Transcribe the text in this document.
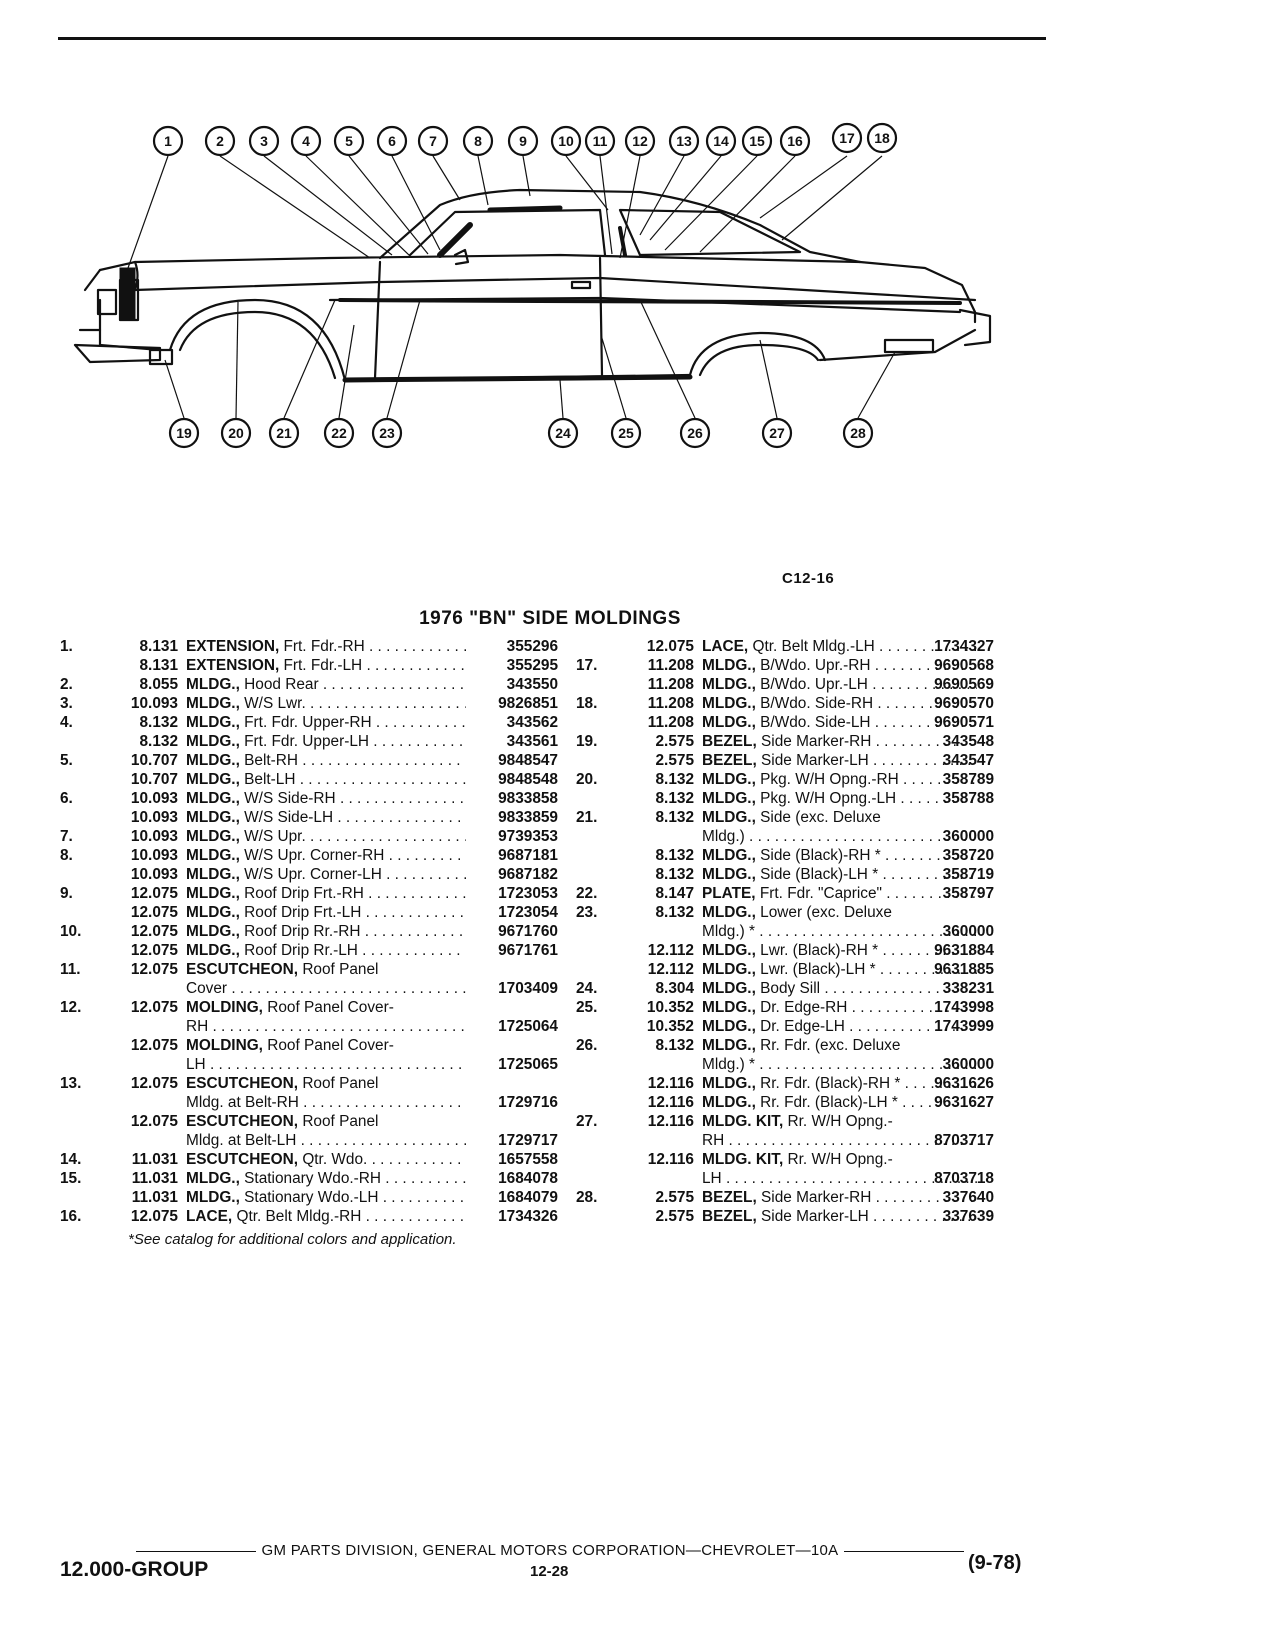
1	2	3 4	5	6 7	8	9 10 11 12 13 14 15 16	17 18
19	20 21	22 23	24	25	26	27	28
C12-16
1976 "BN" SIDE MOLDINGS
1.	8.131 EXTENSION, Frt. Fdr.-RH . . .	355296
8.131 EXTENSION, Frt. Fdr.-LH . . .	355295
2.	8.055 MLDG., Hood Rear . . .	343550
3.	10.093 MLDG., W/S Lwr. . . .	9826851
4.	8.132 MLDG., Frt. Fdr. Upper-RH . . .	343562
8.132 MLDG., Frt. Fdr. Upper-LH . . .	343561
5.	10.707 MLDG., Belt-RH . . .	9848547
10.707 MLDG., Belt-LH . . .	9848548
6.	10.093 MLDG., W/S Side-RH . . .	9833858
10.093 MLDG., W/S Side-LH . . .	9833859
7.	10.093 MLDG., W/S Upr. . . .	9739353
8.	10.093 MLDG., W/S Upr. Corner-RH . . .	9687181
10.093 MLDG., W/S Upr. Corner-LH . . .	9687182
9.	12.075 MLDG., Roof Drip Frt.-RH . . .	1723053
12.075 MLDG., Roof Drip Frt.-LH . . .	1723054
10.	12.075 MLDG., Roof Drip Rr.-RH . . .	9671760
12.075 MLDG., Roof Drip Rr.-LH . . .	9671761
11.	12.075 ESCUTCHEON, Roof Panel
Cover . . .	1703409
12.	12.075 MOLDING, Roof Panel Cover-
RH . . .	1725064
12.075 MOLDING, Roof Panel Cover-
LH . . .	1725065
13.	12.075 ESCUTCHEON, Roof Panel
Mldg. at Belt-RH . . .	1729716
12.075 ESCUTCHEON, Roof Panel
Mldg. at Belt-LH . . .	1729717
14.	11.031 ESCUTCHEON, Qtr. Wdo. . . .	1657558
15.	11.031 MLDG., Stationary Wdo.-RH . . .	1684078
11.031 MLDG., Stationary Wdo.-LH . . .	1684079
16.	12.075 LACE, Qtr. Belt Mldg.-RH . . .	1734326
12.075 LACE, Qtr. Belt Mldg.-LH . . .	1734327
17.	11.208 MLDG., B/Wdo. Upr.-RH . . .	9690568
11.208 MLDG., B/Wdo. Upr.-LH . . .	9690569
18.	11.208 MLDG., B/Wdo. Side-RH . . .	9690570
11.208 MLDG., B/Wdo. Side-LH . . .	9690571
19.	2.575 BEZEL, Side Marker-RH . . .	343548
2.575 BEZEL, Side Marker-LH . . .	343547
20.	8.132 MLDG., Pkg. W/H Opng.-RH . . .	358789
8.132 MLDG., Pkg. W/H Opng.-LH . . .	358788
21.	8.132 MLDG., Side (exc. Deluxe
Mldg.) . . .	360000
8.132 MLDG., Side (Black)-RH * . . .	358720
8.132 MLDG., Side (Black)-LH * . . .	358719
22.	8.147 PLATE, Frt. Fdr. "Caprice" . . .	358797
23.	8.132 MLDG., Lower (exc. Deluxe
Mldg.) * . . .	360000
12.112 MLDG., Lwr. (Black)-RH * . . .	9631884
12.112 MLDG., Lwr. (Black)-LH * . . .	9631885
24.	8.304 MLDG., Body Sill . . .	338231
25.	10.352 MLDG., Dr. Edge-RH . . .	1743998
10.352 MLDG., Dr. Edge-LH . . .	1743999
26.	8.132 MLDG., Rr. Fdr. (exc. Deluxe
Mldg.) * . . .	360000
12.116 MLDG., Rr. Fdr. (Black)-RH * . . .	9631626
12.116 MLDG., Rr. Fdr. (Black)-LH * . . .	9631627
27.	12.116 MLDG. KIT, Rr. W/H Opng.-
RH . . .	8703717
12.116 MLDG. KIT, Rr. W/H Opng.-
LH . . .	8703718
28.	2.575 BEZEL, Side Marker-RH . . .	337640
2.575 BEZEL, Side Marker-LH . . .	337639
*See catalog for additional colors and application.
GM PARTS DIVISION, GENERAL MOTORS CORPORATION—CHEVROLET—10A
12.000-GROUP	12-28	(9-78)
